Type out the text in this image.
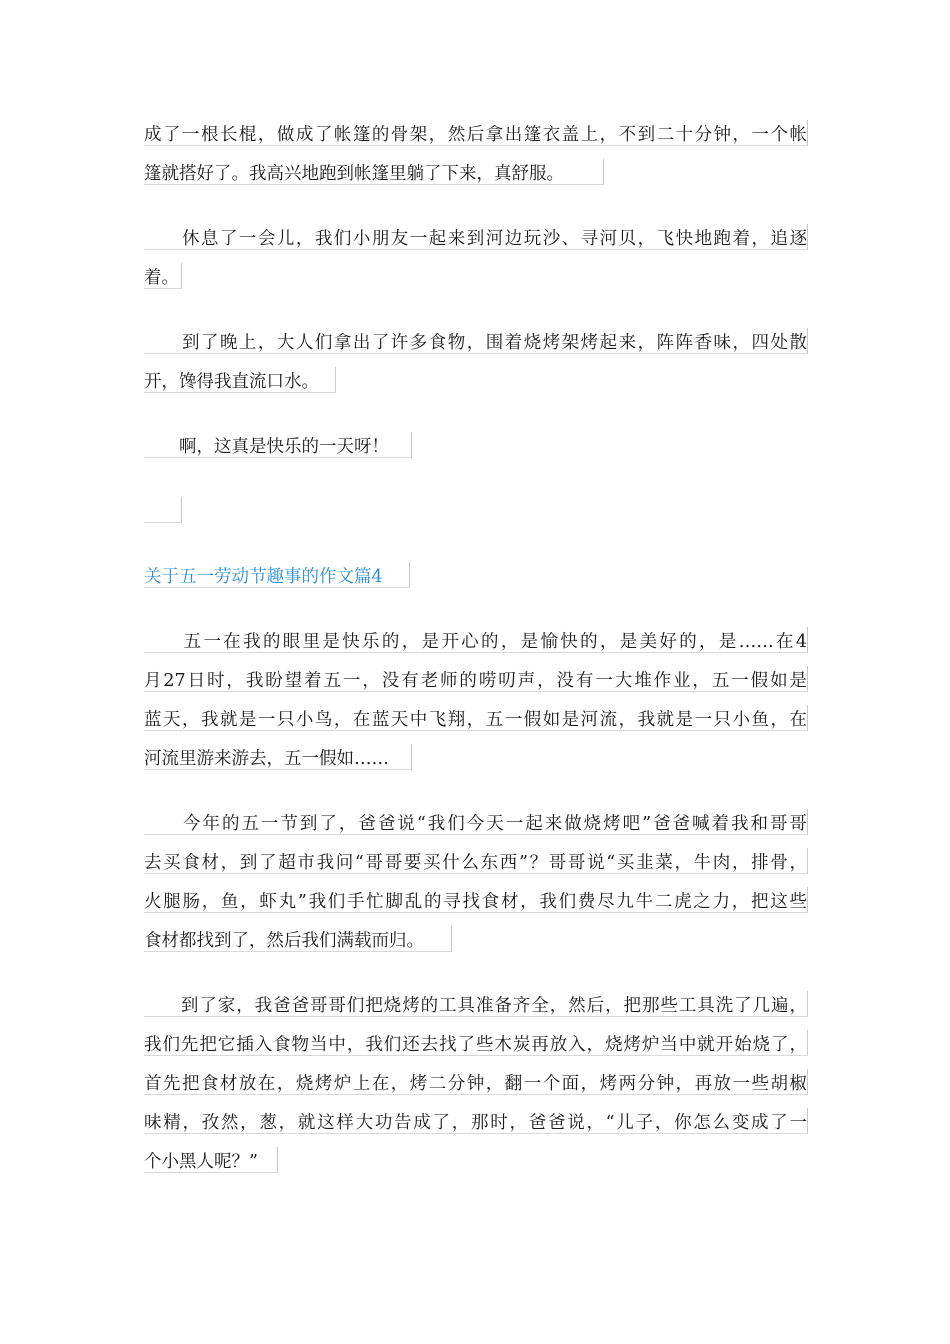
成了一根长棍，做成了帐篷的骨架，然后拿出篷衣盖上，不到二十分钟，一个帐
篷就搭好了。我高兴地跑到帐篷里躺了下来，真舒服。
　　休息了一会儿，我们小朋友一起来到河边玩沙、寻河贝，飞快地跑着，追逐
着。
　　到了晚上，大人们拿出了许多食物，围着烧烤架烤起来，阵阵香味，四处散
开，馋得我直流口水。
　　啊，这真是快乐的一天呀！
关于五一劳动节趣事的作文篇4
　　五一在我的眼里是快乐的，是开心的，是愉快的，是美好的，是……在4
月27日时，我盼望着五一，没有老师的唠叨声，没有一大堆作业，五一假如是
蓝天，我就是一只小鸟，在蓝天中飞翔，五一假如是河流，我就是一只小鱼，在
河流里游来游去，五一假如……
　　今年的五一节到了，爸爸说“我们今天一起来做烧烤吧”爸爸喊着我和哥哥
去买食材，到了超市我问“哥哥要买什么东西”？哥哥说“买韭菜，牛肉，排骨，
火腿肠，鱼，虾丸”我们手忙脚乱的寻找食材，我们费尽九牛二虎之力，把这些
食材都找到了，然后我们满载而归。
　　到了家，我爸爸哥哥们把烧烤的工具准备齐全，然后，把那些工具洗了几遍，
我们先把它插入食物当中，我们还去找了些木炭再放入，烧烤炉当中就开始烧了，
首先把食材放在，烧烤炉上在，烤二分钟，翻一个面，烤两分钟，再放一些胡椒
味精，孜然，葱，就这样大功告成了，那时，爸爸说，“儿子，你怎么变成了一
个小黑人呢？”
